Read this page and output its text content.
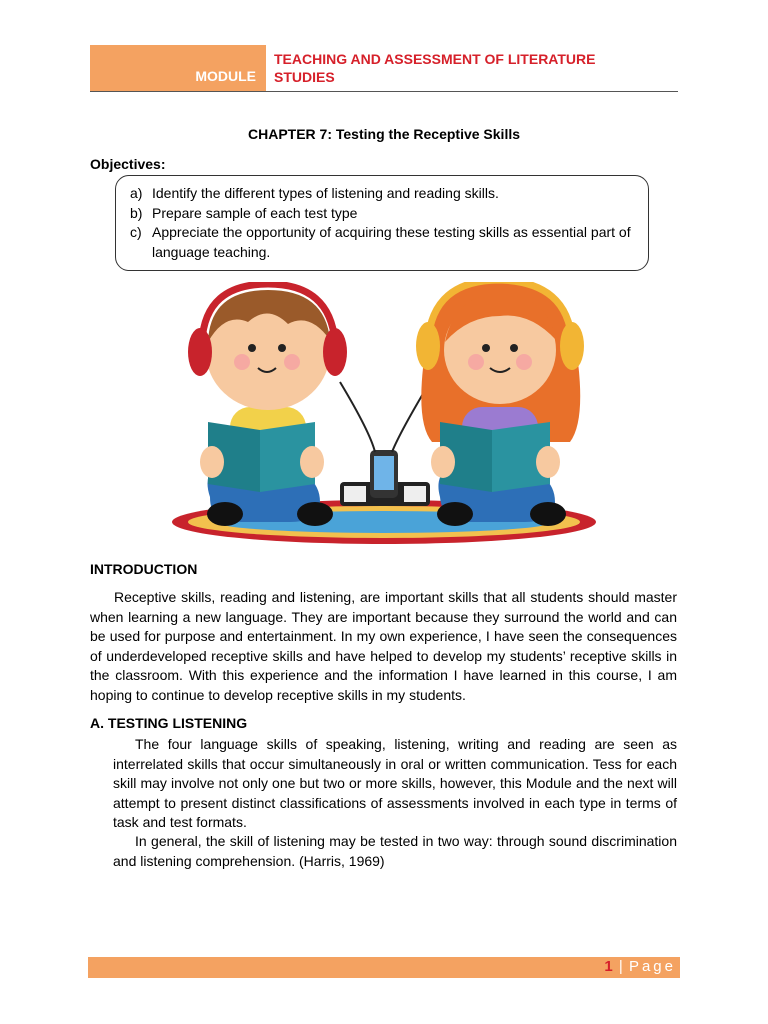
MODULE
TEACHING AND ASSESSMENT OF LITERATURE STUDIES
CHAPTER 7: Testing the Receptive Skills
Objectives:
a) Identify the different types of listening and reading skills.
b) Prepare sample of each test type
c) Appreciate the opportunity of acquiring these testing skills as essential part of language teaching.
INTRODUCTION
Receptive skills, reading and listening, are important skills that all students should master when learning a new language. They are important because they surround the world and can be used for purpose and entertainment. In my own experience, I have seen the consequences of underdeveloped receptive skills and have helped to develop my students’ receptive skills in the classroom. With this experience and the information I have learned in this course, I am hoping to continue to develop receptive skills in my students.
A. TESTING LISTENING
The four language skills of speaking, listening, writing and reading are seen as interrelated skills that occur simultaneously in oral or written communication. Tess for each skill may involve not only one but two or more skills, however, this Module and the next will attempt to present distinct classifications of assessments involved in each type in terms of task and test formats.
In general, the skill of listening may be tested in two way: through sound discrimination and listening comprehension. (Harris, 1969)
1 | Page
